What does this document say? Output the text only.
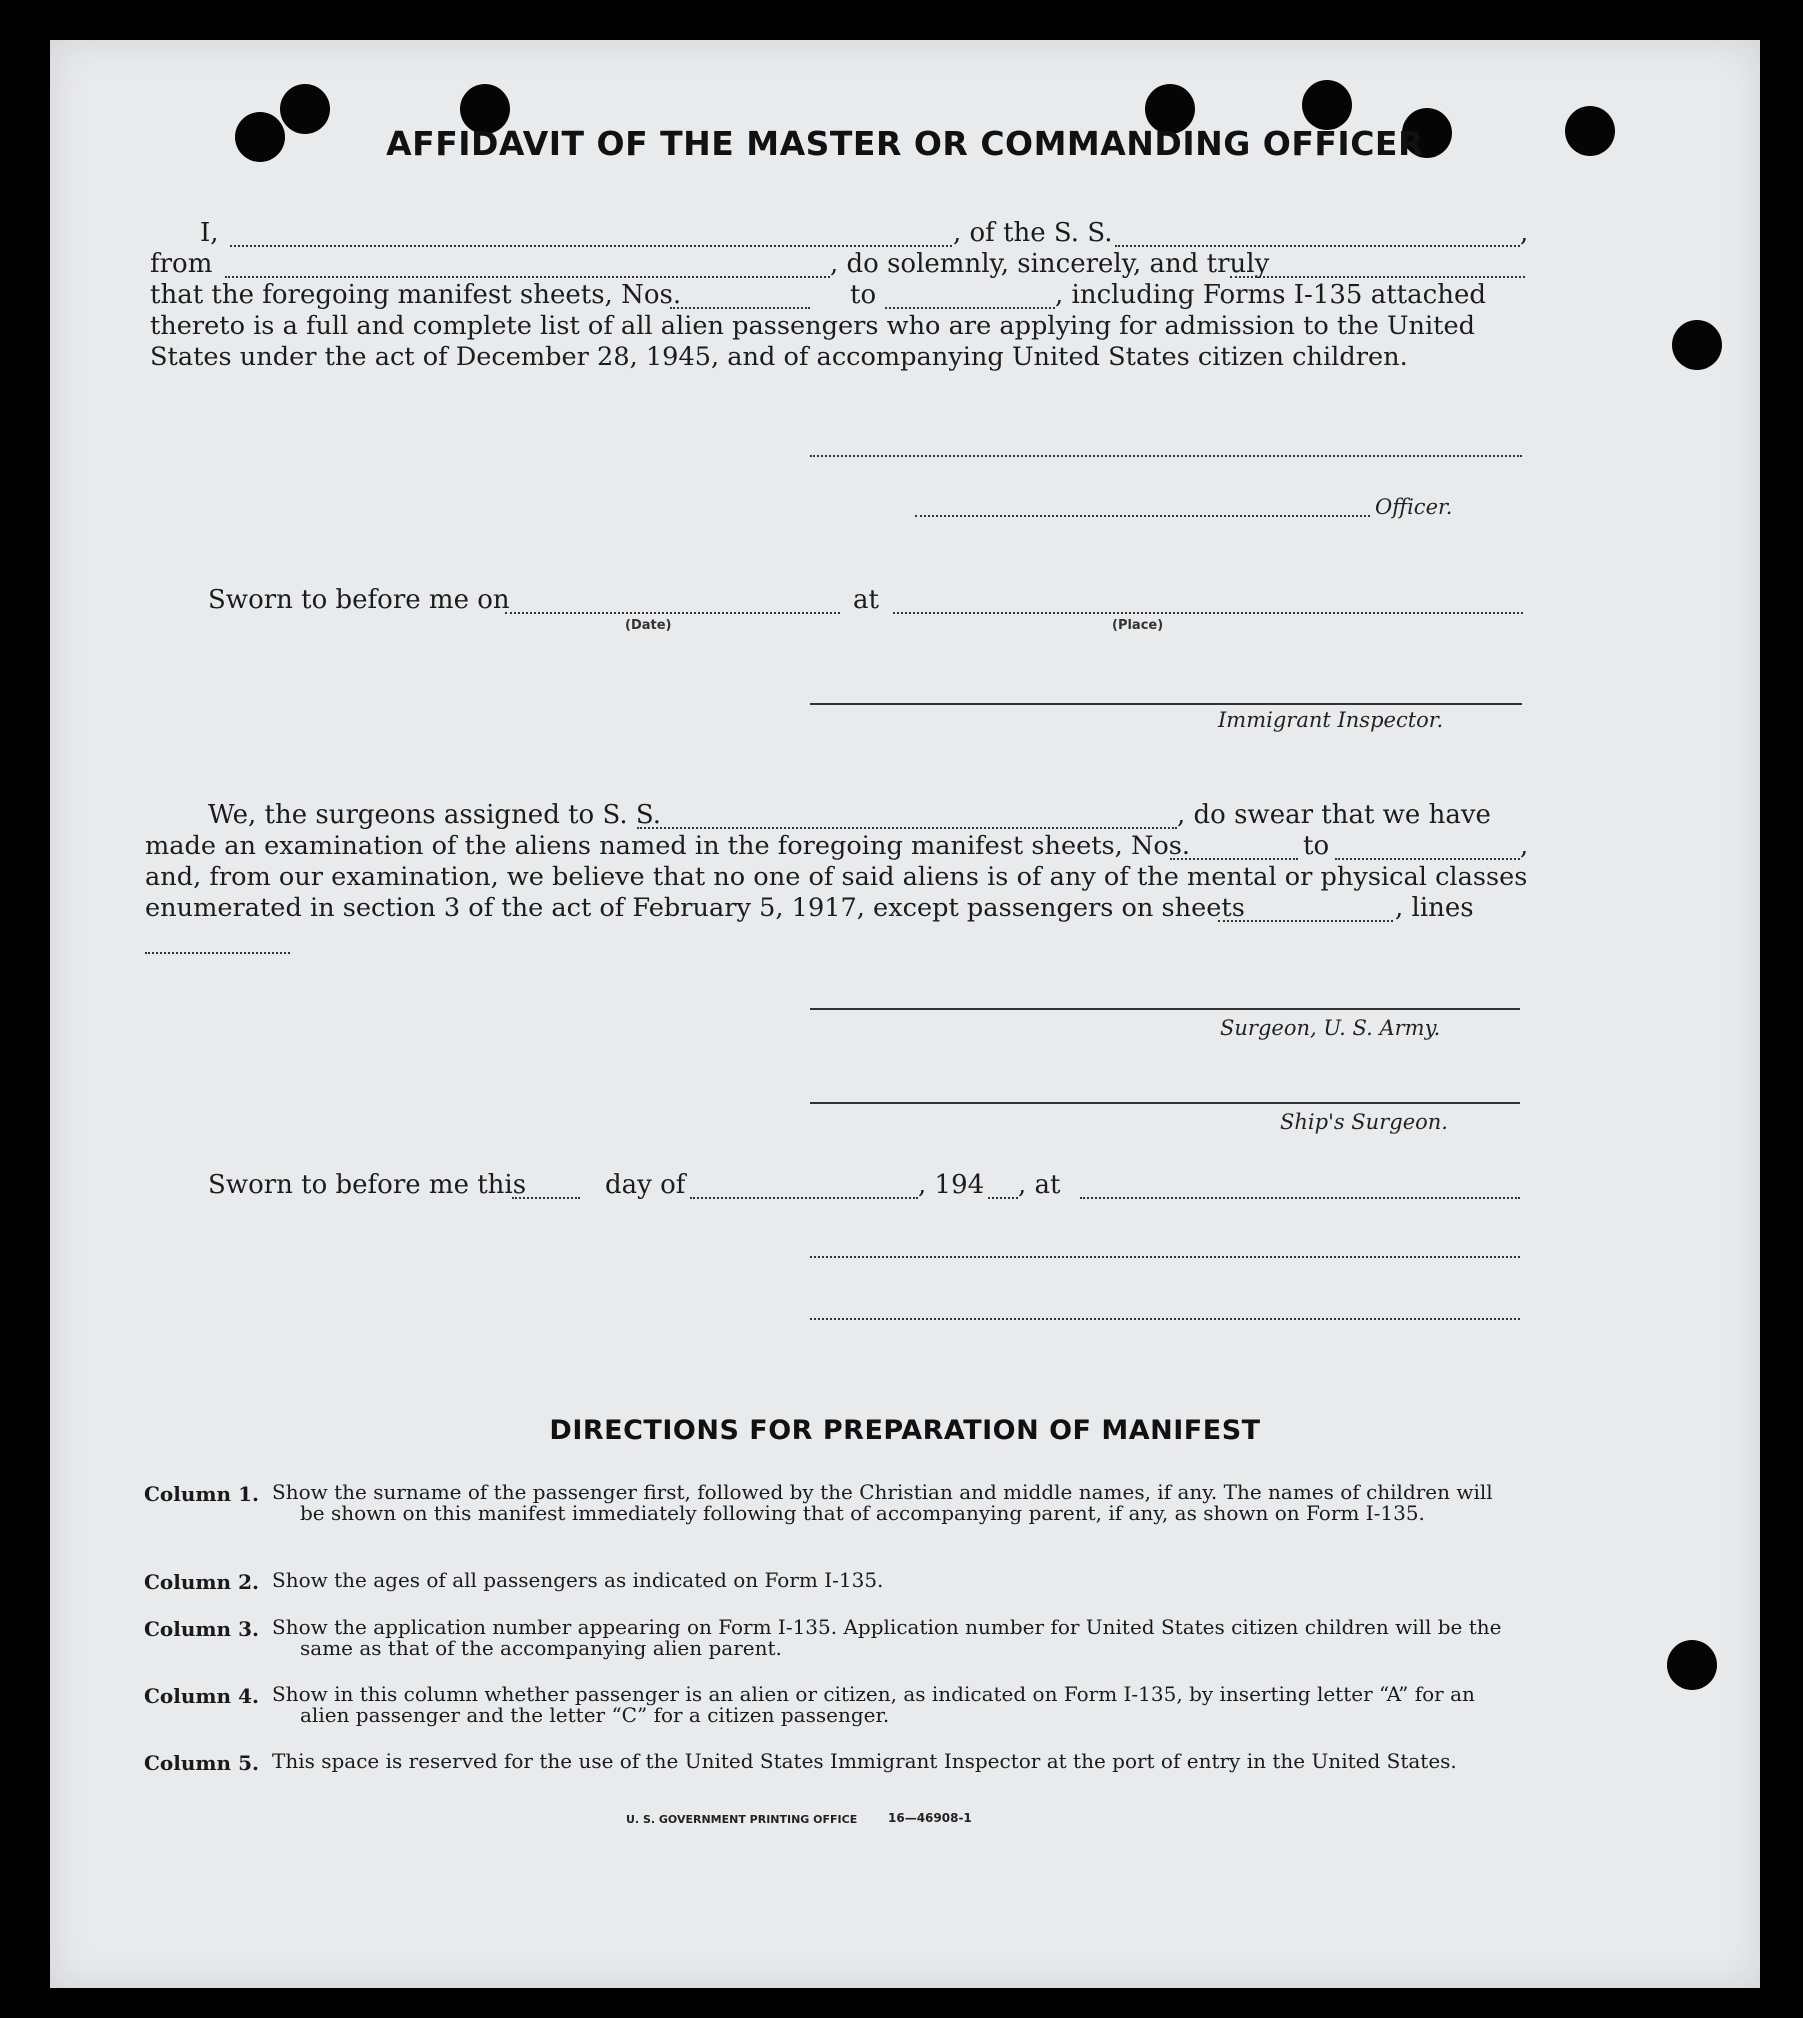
AFFIDAVIT OF THE MASTER OR COMMANDING OFFICER
I,	, of the S. S.	,
from	, do solemnly, sincerely, and truly
that the foregoing manifest sheets, Nos.	to	, including Forms I-135 attached
thereto is a full and complete list of all alien passengers who are applying for admission to the United
States under the act of December 28, 1945, and of accompanying United States citizen children.
Officer.
Sworn to before me on
(Date)
at
(Place)
Immigrant Inspector.
We, the surgeons assigned to S. S.	, do swear that we have
made an examination of the aliens named in the foregoing manifest sheets, Nos.	to	,
and, from our examination, we believe that no one of said aliens is of any of the mental or physical classes
enumerated in section 3 of the act of February 5, 1917, except passengers on sheets	, lines
Surgeon, U. S. Army.
Ship's Surgeon.
Sworn to before me this	day of	, 194 , at
DIRECTIONS FOR PREPARATION OF MANIFEST
Column 1. Show the surname of the passenger first, followed by the Christian and middle names, if any. The names of children will be shown on this manifest immediately following that of accompanying parent, if any, as shown on Form I-135.
Column 2. Show the ages of all passengers as indicated on Form I-135.
Column 3. Show the application number appearing on Form I-135. Application number for United States citizen children will be the same as that of the accompanying alien parent.
Column 4. Show in this column whether passenger is an alien or citizen, as indicated on Form I-135, by inserting letter “A” for an alien passenger and the letter “C” for a citizen passenger.
Column 5. This space is reserved for the use of the United States Immigrant Inspector at the port of entry in the United States.
U. S. GOVERNMENT PRINTING OFFICE	16—46908-1
